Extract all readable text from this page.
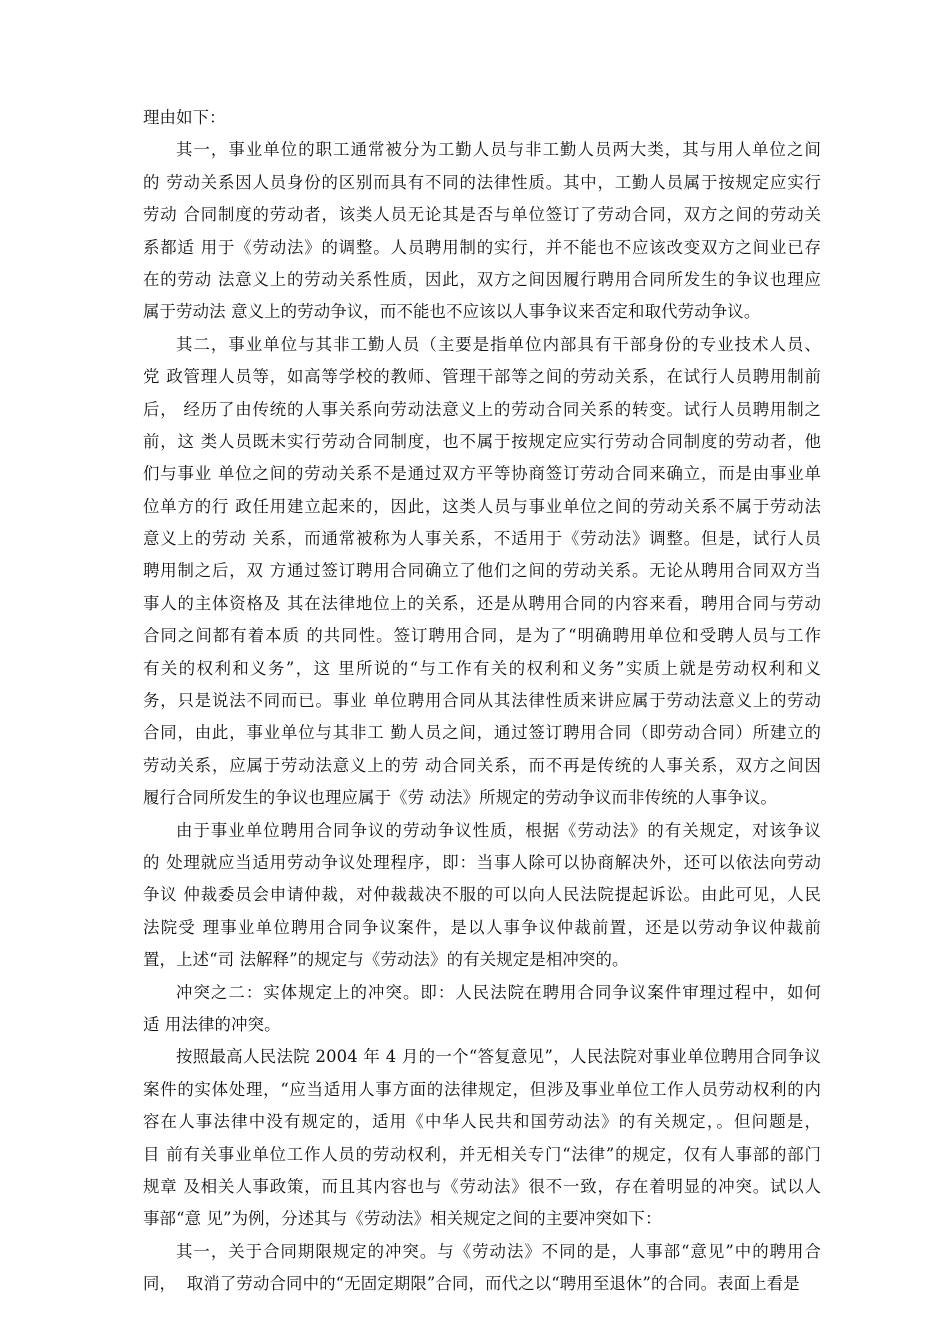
理由如下：
其一，事业单位的职工通常被分为工勤人员与非工勤人员两大类，其与用人单位之间
的 劳动关系因人员身份的区别而具有不同的法律性质。其中，工勤人员属于按规定应实行
劳动 合同制度的劳动者，该类人员无论其是否与单位签订了劳动合同，双方之间的劳动关
系都适 用于《劳动法》的调整。人员聘用制的实行，并不能也不应该改变双方之间业已存
在的劳动 法意义上的劳动关系性质，因此，双方之间因履行聘用合同所发生的争议也理应
属于劳动法 意义上的劳动争议，而不能也不应该以人事争议来否定和取代劳动争议。
其二，事业单位与其非工勤人员（主要是指单位内部具有干部身份的专业技术人员、
党 政管理人员等，如高等学校的教师、管理干部等之间的劳动关系，在试行人员聘用制前
后， 经历了由传统的人事关系向劳动法意义上的劳动合同关系的转变。试行人员聘用制之
前，这 类人员既未实行劳动合同制度，也不属于按规定应实行劳动合同制度的劳动者，他
们与事业 单位之间的劳动关系不是通过双方平等协商签订劳动合同来确立，而是由事业单
位单方的行 政任用建立起来的，因此，这类人员与事业单位之间的劳动关系不属于劳动法
意义上的劳动 关系，而通常被称为人事关系，不适用于《劳动法》调整。但是，试行人员
聘用制之后，双 方通过签订聘用合同确立了他们之间的劳动关系。无论从聘用合同双方当
事人的主体资格及 其在法律地位上的关系，还是从聘用合同的内容来看，聘用合同与劳动
合同之间都有着本质 的共同性。签订聘用合同，是为了“明确聘用单位和受聘人员与工作
有关的权利和义务”，这 里所说的“与工作有关的权利和义务”实质上就是劳动权利和义
务，只是说法不同而已。事业 单位聘用合同从其法律性质来讲应属于劳动法意义上的劳动
合同，由此，事业单位与其非工 勤人员之间，通过签订聘用合同（即劳动合同）所建立的
劳动关系，应属于劳动法意义上的劳 动合同关系，而不再是传统的人事关系，双方之间因
履行合同所发生的争议也理应属于《劳 动法》所规定的劳动争议而非传统的人事争议。
由于事业单位聘用合同争议的劳动争议性质，根据《劳动法》的有关规定，对该争议
的 处理就应当适用劳动争议处理程序，即：当事人除可以协商解决外，还可以依法向劳动
争议 仲裁委员会申请仲裁，对仲裁裁决不服的可以向人民法院提起诉讼。由此可见，人民
法院受 理事业单位聘用合同争议案件，是以人事争议仲裁前置，还是以劳动争议仲裁前
置，上述“司 法解释”的规定与《劳动法》的有关规定是相冲突的。
冲突之二：实体规定上的冲突。即：人民法院在聘用合同争议案件审理过程中，如何
适 用法律的冲突。
按照最高人民法院 2004 年 4 月的一个“答复意见”，人民法院对事业单位聘用合同争议
案件的实体处理，“应当适用人事方面的法律规定，但涉及事业单位工作人员劳动权利的内
容在人事法律中没有规定的，适用《中华人民共和国劳动法》的有关规定，。但问题是，
目 前有关事业单位工作人员的劳动权利，并无相关专门“法律”的规定，仅有人事部的部门
规章 及相关人事政策，而且其内容也与《劳动法》很不一致，存在着明显的冲突。试以人
事部“意 见”为例，分述其与《劳动法》相关规定之间的主要冲突如下：
其一，关于合同期限规定的冲突。与《劳动法》不同的是，人事部“意见”中的聘用合
同，  取消了劳动合同中的“无固定期限”合同，而代之以“聘用至退休”的合同。表面上看是
